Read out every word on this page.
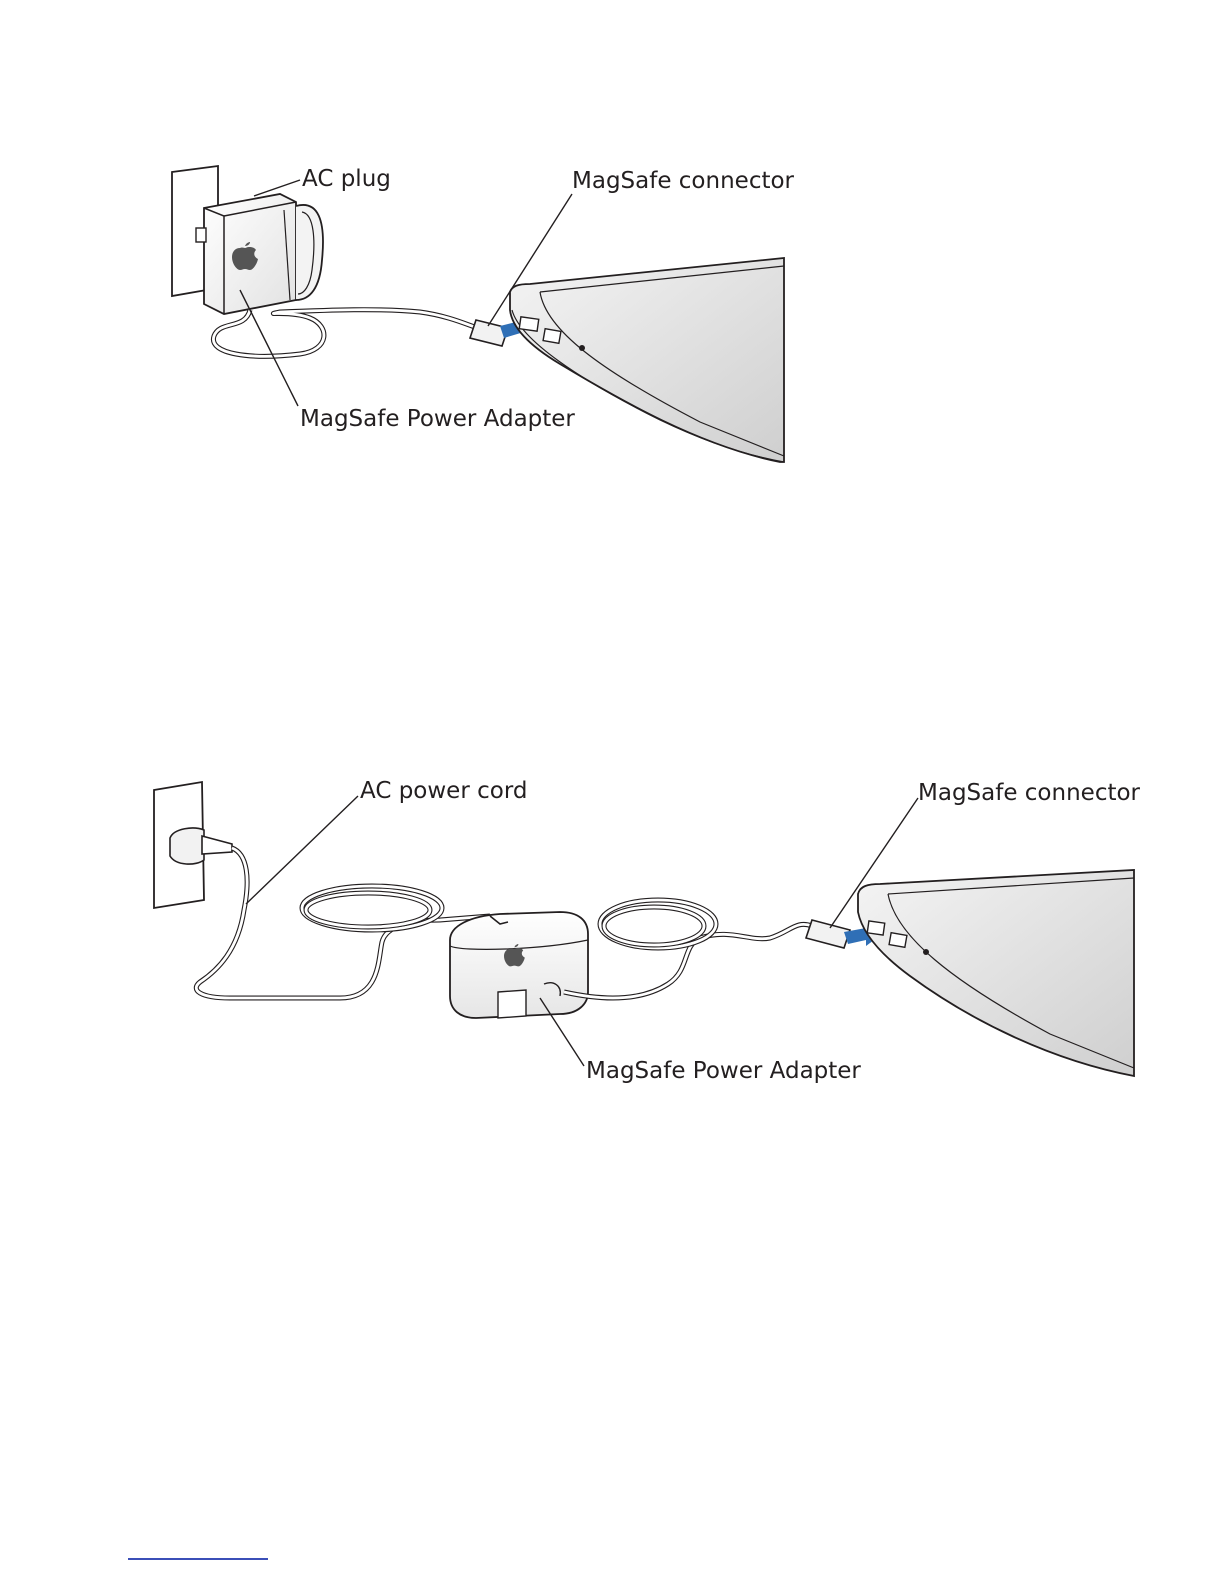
AC plug	MagSafe connector
MagSafe Power Adapter
AC power cord	MagSafe connector
MagSafe Power Adapter
